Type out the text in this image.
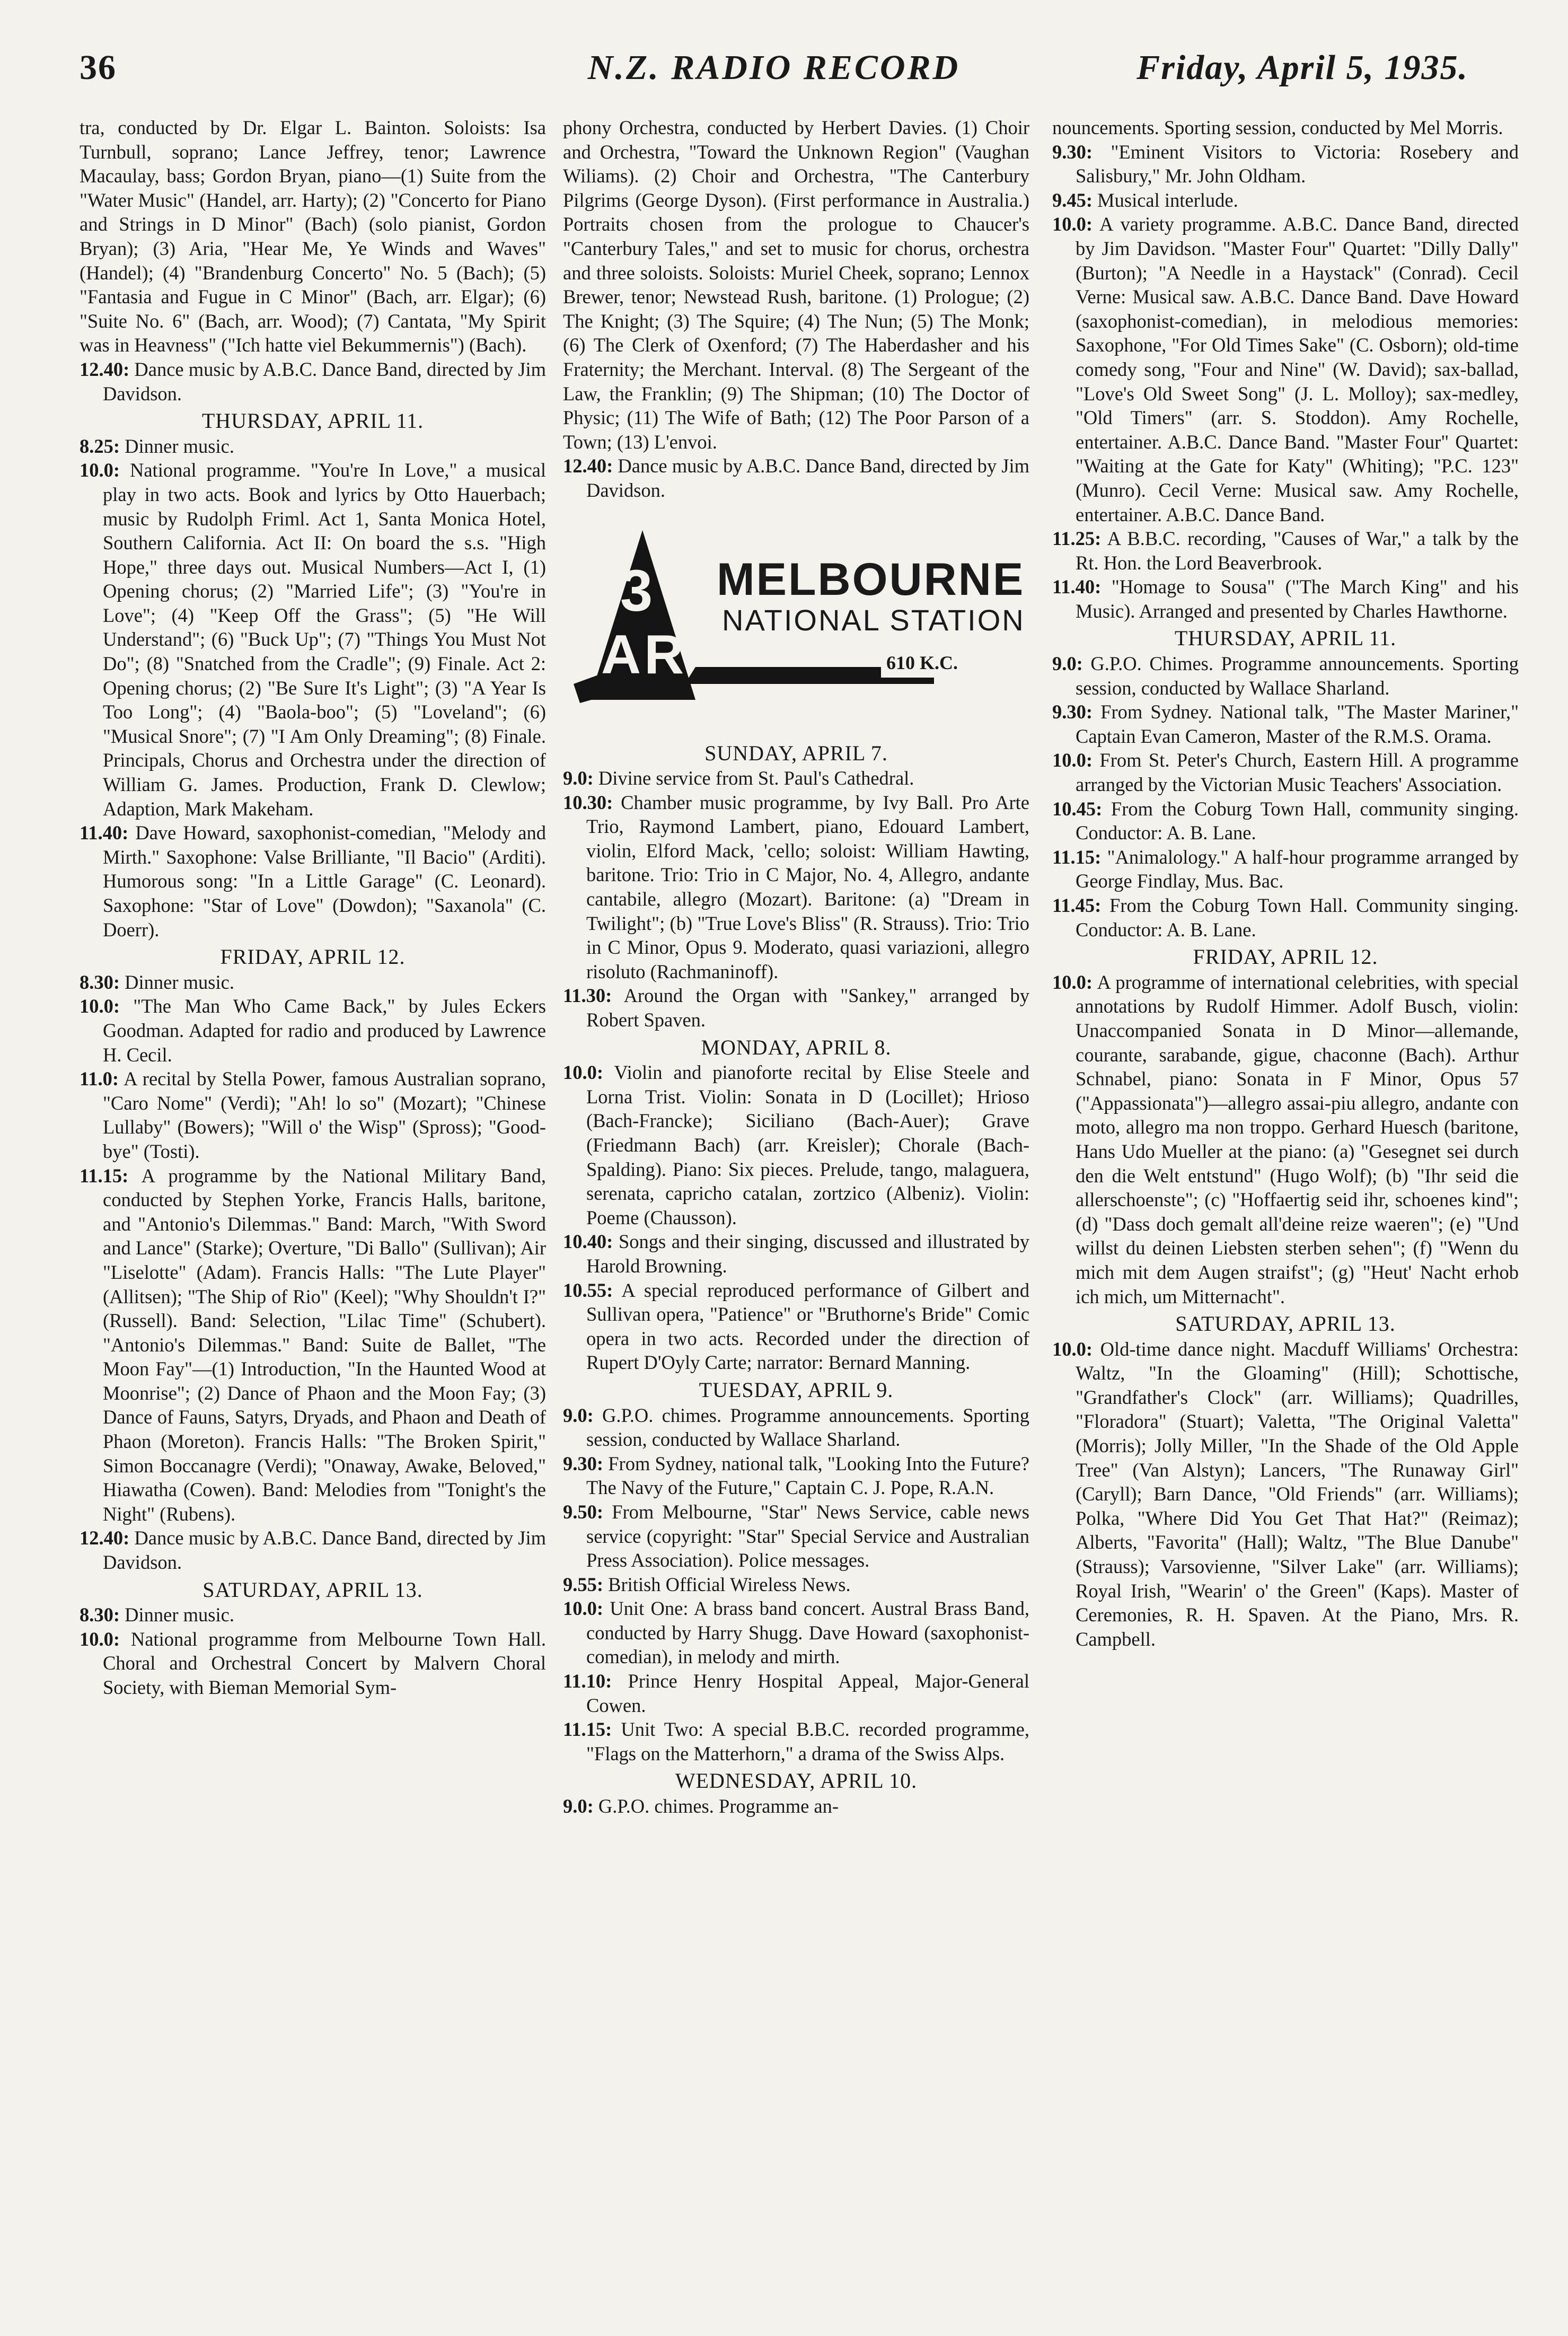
36	N.Z. RADIO RECORD	Friday, April 5, 1935.

tra, conducted by Dr. Elgar L. Bainton. Soloists: Isa Turnbull, soprano; Lance Jeffrey, tenor; Lawrence Macaulay, bass; Gordon Bryan, piano—(1) Suite from the "Water Music" (Handel, arr. Harty); (2) "Concerto for Piano and Strings in D Minor" (Bach) (solo pianist, Gordon Bryan); (3) Aria, "Hear Me, Ye Winds and Waves" (Handel); (4) "Brandenburg Concerto" No. 5 (Bach); (5) "Fantasia and Fugue in C Minor" (Bach, arr. Elgar); (6) "Suite No. 6" (Bach, arr. Wood); (7) Cantata, "My Spirit was in Heavness" ("Ich hatte viel Bekummernis") (Bach).

12.40: Dance music by A.B.C. Dance Band, directed by Jim Davidson.

THURSDAY, APRIL 11.

8.25: Dinner music.

10.0: National programme. "You're In Love," a musical play in two acts. Book and lyrics by Otto Hauerbach; music by Rudolph Friml. Act 1, Santa Monica Hotel, Southern California. Act II: On board the s.s. "High Hope," three days out. Musical Numbers—Act I, (1) Opening chorus; (2) "Married Life"; (3) "You're in Love"; (4) "Keep Off the Grass"; (5) "He Will Understand"; (6) "Buck Up"; (7) "Things You Must Not Do"; (8) "Snatched from the Cradle"; (9) Finale. Act 2: Opening chorus; (2) "Be Sure It's Light"; (3) "A Year Is Too Long"; (4) "Baola-boo"; (5) "Loveland"; (6) "Musical Snore"; (7) "I Am Only Dreaming"; (8) Finale. Principals, Chorus and Orchestra under the direction of William G. James. Production, Frank D. Clewlow; Adaption, Mark Makeham.

11.40: Dave Howard, saxophonist-comedian, "Melody and Mirth." Saxophone: Valse Brilliante, "Il Bacio" (Arditi). Humorous song: "In a Little Garage" (C. Leonard). Saxophone: "Star of Love" (Dowdon); "Saxanola" (C. Doerr).

FRIDAY, APRIL 12.

8.30: Dinner music.

10.0: "The Man Who Came Back," by Jules Eckers Goodman. Adapted for radio and produced by Lawrence H. Cecil.

11.0: A recital by Stella Power, famous Australian soprano, "Caro Nome" (Verdi); "Ah! lo so" (Mozart); "Chinese Lullaby" (Bowers); "Will o' the Wisp" (Spross); "Good-bye" (Tosti).

11.15: A programme by the National Military Band, conducted by Stephen Yorke, Francis Halls, baritone, and "Antonio's Dilemmas." Band: March, "With Sword and Lance" (Starke); Overture, "Di Ballo" (Sullivan); Air "Liselotte" (Adam). Francis Halls: "The Lute Player" (Allitsen); "The Ship of Rio" (Keel); "Why Shouldn't I?" (Russell). Band: Selection, "Lilac Time" (Schubert). "Antonio's Dilemmas." Band: Suite de Ballet, "The Moon Fay"—(1) Introduction, "In the Haunted Wood at Moonrise"; (2) Dance of Phaon and the Moon Fay; (3) Dance of Fauns, Satyrs, Dryads, and Phaon and Death of Phaon (Moreton). Francis Halls: "The Broken Spirit," Simon Boccanagre (Verdi); "Onaway, Awake, Beloved," Hiawatha (Cowen). Band: Melodies from "Tonight's the Night" (Rubens).

12.40: Dance music by A.B.C. Dance Band, directed by Jim Davidson.

SATURDAY, APRIL 13.

8.30: Dinner music.

10.0: National programme from Melbourne Town Hall. Choral and Orchestral Concert by Malvern Choral Society, with Bieman Memorial Sym-

phony Orchestra, conducted by Herbert Davies. (1) Choir and Orchestra, "Toward the Unknown Region" (Vaughan Wiliams). (2) Choir and Orchestra, "The Canterbury Pilgrims (George Dyson). (First performance in Australia.) Portraits chosen from the prologue to Chaucer's "Canterbury Tales," and set to music for chorus, orchestra and three soloists. Soloists: Muriel Cheek, soprano; Lennox Brewer, tenor; Newstead Rush, baritone. (1) Prologue; (2) The Knight; (3) The Squire; (4) The Nun; (5) The Monk; (6) The Clerk of Oxenford; (7) The Haberdasher and his Fraternity; the Merchant. Interval. (8) The Sergeant of the Law, the Franklin; (9) The Shipman; (10) The Doctor of Physic; (11) The Wife of Bath; (12) The Poor Parson of a Town; (13) L'envoi.

12.40: Dance music by A.B.C. Dance Band, directed by Jim Davidson.

3
AR
MELBOURNE
NATIONAL STATION
610 K.C.
SUNDAY, APRIL 7.

9.0: Divine service from St. Paul's Cathedral.

10.30: Chamber music programme, by Ivy Ball. Pro Arte Trio, Raymond Lambert, piano, Edouard Lambert, violin, Elford Mack, 'cello; soloist: William Hawting, baritone. Trio: Trio in C Major, No. 4, Allegro, andante cantabile, allegro (Mozart). Baritone: (a) "Dream in Twilight"; (b) "True Love's Bliss" (R. Strauss). Trio: Trio in C Minor, Opus 9. Moderato, quasi variazioni, allegro risoluto (Rachmaninoff).

11.30: Around the Organ with "Sankey," arranged by Robert Spaven.

MONDAY, APRIL 8.

10.0: Violin and pianoforte recital by Elise Steele and Lorna Trist. Violin: Sonata in D (Locillet); Hrioso (Bach-Francke); Siciliano (Bach-Auer); Grave (Friedmann Bach) (arr. Kreisler); Chorale (Bach-Spalding). Piano: Six pieces. Prelude, tango, malaguera, serenata, capricho catalan, zortzico (Albeniz). Violin: Poeme (Chausson).

10.40: Songs and their singing, discussed and illustrated by Harold Browning.

10.55: A special reproduced performance of Gilbert and Sullivan opera, "Patience" or "Bruthorne's Bride" Comic opera in two acts. Recorded under the direction of Rupert D'Oyly Carte; narrator: Bernard Manning.

TUESDAY, APRIL 9.

9.0: G.P.O. chimes. Programme announcements. Sporting session, conducted by Wallace Sharland.

9.30: From Sydney, national talk, "Looking Into the Future? The Navy of the Future," Captain C. J. Pope, R.A.N.

9.50: From Melbourne, "Star" News Service, cable news service (copyright: "Star" Special Service and Australian Press Association). Police messages.

9.55: British Official Wireless News.

10.0: Unit One: A brass band concert. Austral Brass Band, conducted by Harry Shugg. Dave Howard (saxophonist-comedian), in melody and mirth.

11.10: Prince Henry Hospital Appeal, Major-General Cowen.

11.15: Unit Two: A special B.B.C. recorded programme, "Flags on the Matterhorn," a drama of the Swiss Alps.

WEDNESDAY, APRIL 10.

9.0: G.P.O. chimes. Programme an-

nouncements. Sporting session, conducted by Mel Morris.

9.30: "Eminent Visitors to Victoria: Rosebery and Salisbury," Mr. John Oldham.

9.45: Musical interlude.

10.0: A variety programme. A.B.C. Dance Band, directed by Jim Davidson. "Master Four" Quartet: "Dilly Dally" (Burton); "A Needle in a Haystack" (Conrad). Cecil Verne: Musical saw. A.B.C. Dance Band. Dave Howard (saxophonist-comedian), in melodious memories: Saxophone, "For Old Times Sake" (C. Osborn); old-time comedy song, "Four and Nine" (W. David); sax-ballad, "Love's Old Sweet Song" (J. L. Molloy); sax-medley, "Old Timers" (arr. S. Stoddon). Amy Rochelle, entertainer. A.B.C. Dance Band. "Master Four" Quartet: "Waiting at the Gate for Katy" (Whiting); "P.C. 123" (Munro). Cecil Verne: Musical saw. Amy Rochelle, entertainer. A.B.C. Dance Band.

11.25: A B.B.C. recording, "Causes of War," a talk by the Rt. Hon. the Lord Beaverbrook.

11.40: "Homage to Sousa" ("The March King" and his Music). Arranged and presented by Charles Hawthorne.

THURSDAY, APRIL 11.

9.0: G.P.O. Chimes. Programme announcements. Sporting session, conducted by Wallace Sharland.

9.30: From Sydney. National talk, "The Master Mariner," Captain Evan Cameron, Master of the R.M.S. Orama.

10.0: From St. Peter's Church, Eastern Hill. A programme arranged by the Victorian Music Teachers' Association.

10.45: From the Coburg Town Hall, community singing. Conductor: A. B. Lane.

11.15: "Animalology." A half-hour programme arranged by George Findlay, Mus. Bac.

11.45: From the Coburg Town Hall. Community singing. Conductor: A. B. Lane.

FRIDAY, APRIL 12.

10.0: A programme of international celebrities, with special annotations by Rudolf Himmer. Adolf Busch, violin: Unaccompanied Sonata in D Minor—allemande, courante, sarabande, gigue, chaconne (Bach). Arthur Schnabel, piano: Sonata in F Minor, Opus 57 ("Appassionata")—allegro assai-piu allegro, andante con moto, allegro ma non troppo. Gerhard Huesch (baritone, Hans Udo Mueller at the piano: (a) "Gesegnet sei durch den die Welt entstund" (Hugo Wolf); (b) "Ihr seid die allerschoenste"; (c) "Hoffaertig seid ihr, schoenes kind"; (d) "Dass doch gemalt all'deine reize waeren"; (e) "Und willst du deinen Liebsten sterben sehen"; (f) "Wenn du mich mit dem Augen straifst"; (g) "Heut' Nacht erhob ich mich, um Mitternacht".

SATURDAY, APRIL 13.

10.0: Old-time dance night. Macduff Williams' Orchestra: Waltz, "In the Gloaming" (Hill); Schottische, "Grandfather's Clock" (arr. Williams); Quadrilles, "Floradora" (Stuart); Valetta, "The Original Valetta" (Morris); Jolly Miller, "In the Shade of the Old Apple Tree" (Van Alstyn); Lancers, "The Runaway Girl" (Caryll); Barn Dance, "Old Friends" (arr. Williams); Polka, "Where Did You Get That Hat?" (Reimaz); Alberts, "Favorita" (Hall); Waltz, "The Blue Danube" (Strauss); Varsovienne, "Silver Lake" (arr. Williams); Royal Irish, "Wearin' o' the Green" (Kaps). Master of Ceremonies, R. H. Spaven. At the Piano, Mrs. R. Campbell.
